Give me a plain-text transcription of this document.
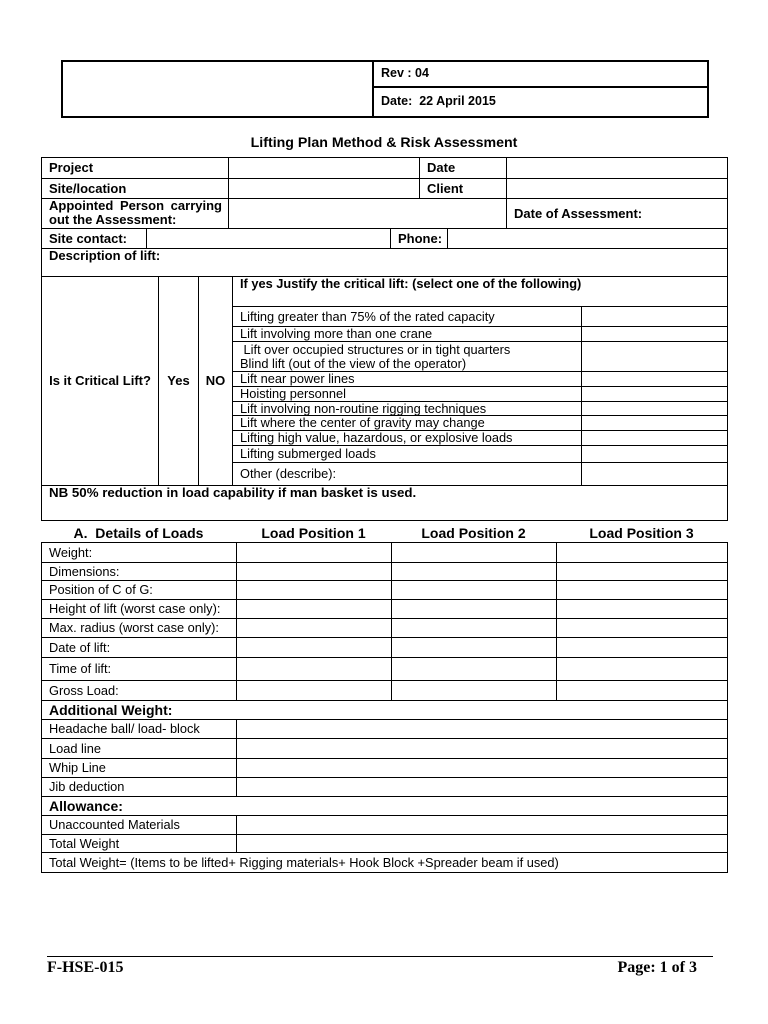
Rev : 04
Date:  22 April 2015
Lifting Plan Method & Risk Assessment
Project	Date
Site/location	Client
Appointed Person carrying out the Assessment:	Date of Assessment:
Site contact:	Phone:
Description of lift:
Is it Critical Lift?	Yes	NO
If yes Justify the critical lift: (select one of the following)
Lifting greater than 75% of the rated capacity
Lift involving more than one crane
Lift over occupied structures or in tight quarters
Blind lift (out of the view of the operator)
Lift near power lines
Hoisting personnel
Lift involving non-routine rigging techniques
Lift where the center of gravity may change
Lifting high value, hazardous, or explosive loads
Lifting submerged loads
Other (describe):
NB 50% reduction in load capability if man basket is used.
A.  Details of Loads	Load Position 1	Load Position 2	Load Position 3
Weight:
Dimensions:
Position of C of G:
Height of lift (worst case only):
Max. radius (worst case only):
Date of lift:
Time of lift:
Gross Load:
Additional Weight:
Headache ball/ load- block
Load line
Whip Line
Jib deduction
Allowance:
Unaccounted Materials
Total Weight
Total Weight= (Items to be lifted+ Rigging materials+ Hook Block +Spreader beam if used)
F-HSE-015	Page: 1 of 3
